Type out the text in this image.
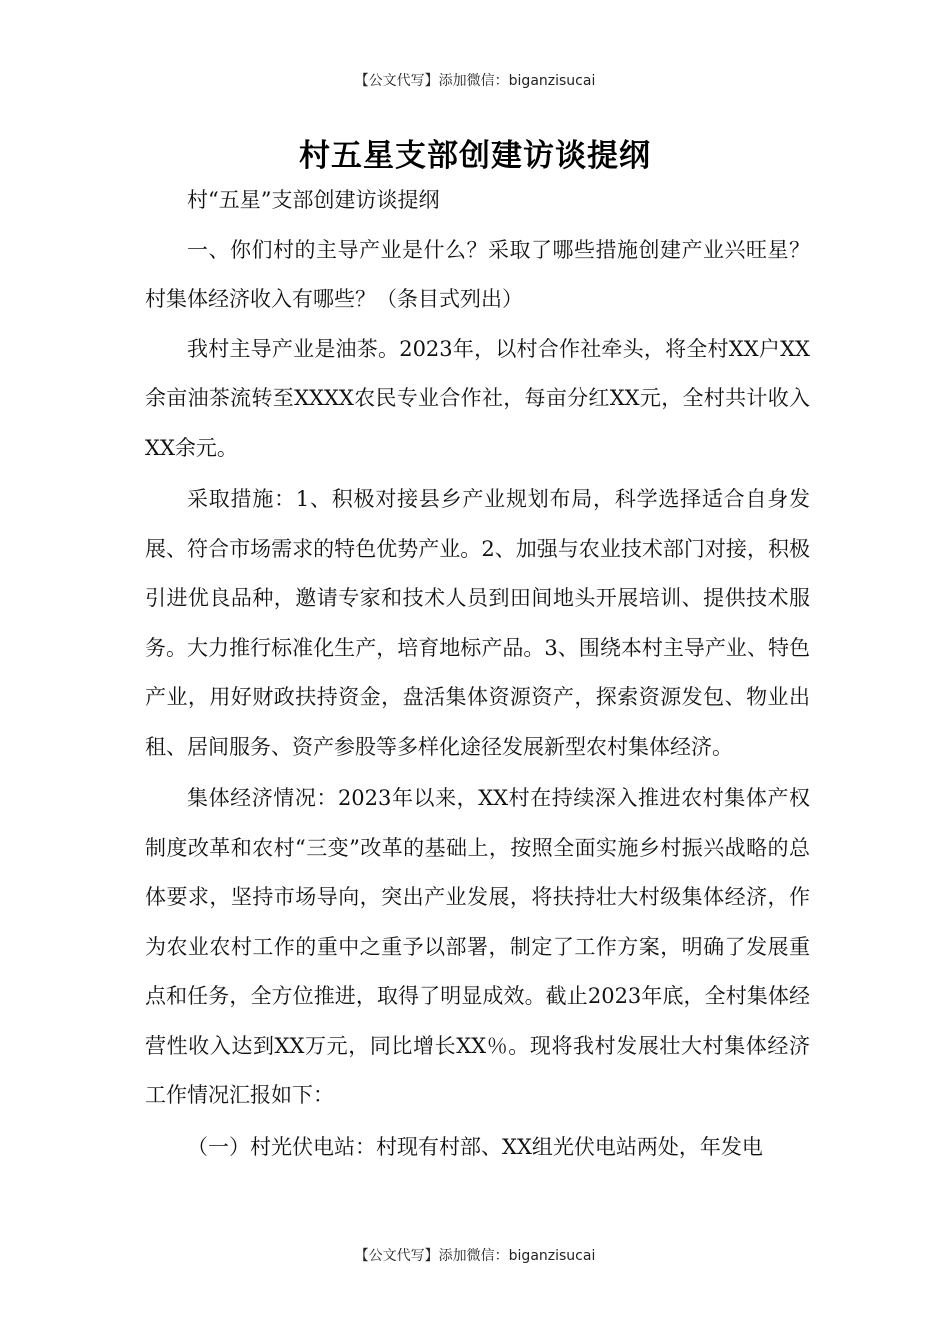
【公文代写】添加微信：biganzisucai
村五星支部创建访谈提纲

村“五星”支部创建访谈提纲

一、你们村的主导产业是什么？采取了哪些措施创建产业兴旺星？村集体经济收入有哪些？（条目式列出）

我村主导产业是油茶。2023年，以村合作社牵头，将全村XX户XX余亩油茶流转至XXXX农民专业合作社，每亩分红XX元，全村共计收入XX余元。

采取措施：1、积极对接县乡产业规划布局，科学选择适合自身发展、符合市场需求的特色优势产业。2、加强与农业技术部门对接，积极引进优良品种，邀请专家和技术人员到田间地头开展培训、提供技术服务。大力推行标准化生产，培育地标产品。3、围绕本村主导产业、特色产业，用好财政扶持资金，盘活集体资源资产，探索资源发包、物业出租、居间服务、资产参股等多样化途径发展新型农村集体经济。

集体经济情况：2023年以来，XX村在持续深入推进农村集体产权制度改革和农村“三变”改革的基础上，按照全面实施乡村振兴战略的总体要求，坚持市场导向，突出产业发展，将扶持壮大村级集体经济，作为农业农村工作的重中之重予以部署，制定了工作方案，明确了发展重点和任务，全方位推进，取得了明显成效。截止2023年底，全村集体经营性收入达到XX万元，同比增长XX％。现将我村发展壮大村集体经济工作情况汇报如下：

（一）村光伏电站：村现有村部、XX组光伏电站两处，年发电

【公文代写】添加微信：biganzisucai
